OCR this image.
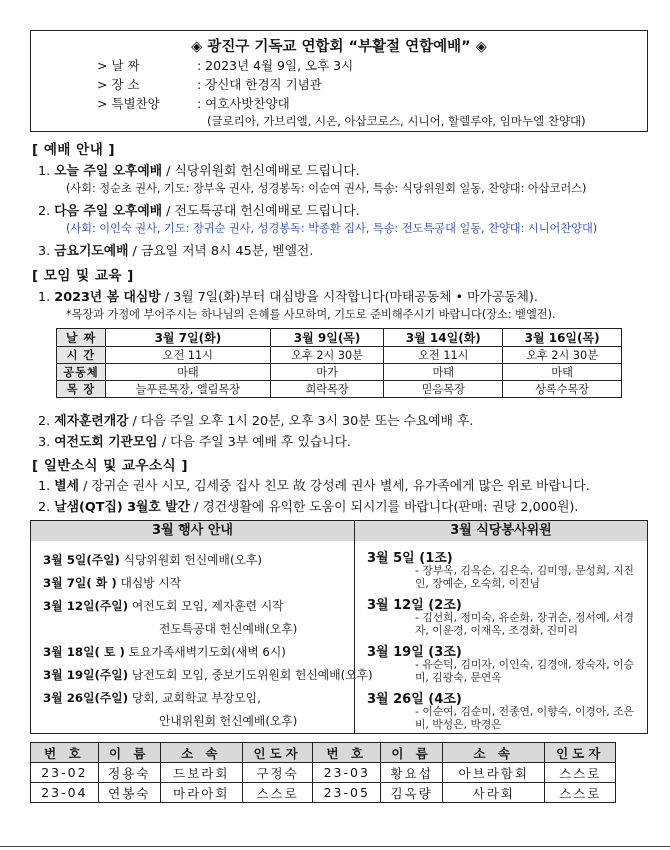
◈ 광진구 기독교 연합회 “부활절 연합예배” ◈
> 날 짜	: 2023년 4월 9일, 오후 3시
> 장 소	: 장신대 한경직 기념관
> 특별찬양	: 여호사밧찬양대
(글로리아, 가브리엘, 시온, 아삽코로스, 시니어, 할렐루야, 임마누엘 찬양대)
[ 예배 안내 ]
1. 오늘 주일 오후예배 / 식당위원회 헌신예배로 드립니다.
(사회: 정순초 권사, 기도: 장부옥 권사, 성경봉독: 이순여 권사, 특송: 식당위원회 일동, 찬양대: 아삽코러스)
2. 다음 주일 오후예배 / 전도특공대 헌신예배로 드립니다.
(사회: 이인숙 권사, 기도: 장귀순 권사, 성경봉독: 박종환 집사, 특송: 전도특공대 일동, 찬양대: 시니어찬양대)
3. 금요기도예배 / 금요일 저녁 8시 45분, 벧엘전.
[ 모임 및 교육 ]
1. 2023년 봄 대심방 / 3월 7일(화)부터 대심방을 시작합니다(마태공동체 • 마가공동체).
*목장과 가정에 부어주시는 하나님의 은혜를 사모하며, 기도로 준비해주시기 바랍니다(장소: 벧엘전).
날 짜	3월 7일(화)	3월 9일(목)	3월 14일(화)	3월 16일(목)
시 간	오전 11시	오후 2시 30분	오전 11시	오후 2시 30분
공동체	마태	마가	마태	마태
목 장	늘푸른목장, 엘림목장	희락목장	믿음목장	상록수목장
2. 제자훈련개강 / 다음 주일 오후 1시 20분, 오후 3시 30분 또는 수요예배 후.
3. 여전도회 기관모임 / 다음 주일 3부 예배 후 있습니다.
[ 일반소식 및 교우소식 ]
1. 별세 / 장귀순 권사 시모, 김세중 집사 친모 故 강성례 권사 별세, 유가족에게 많은 위로 바랍니다.
2. 날샘(QT집) 3월호 발간 / 경건생활에 유익한 도움이 되시기를 바랍니다(판매: 권당 2,000원).
3월 행사 안내	3월 식당봉사위원
3월 5일(주일) 식당위원회 헌신예배(오후)
3월 7일( 화 ) 대심방 시작
3월 12일(주일) 여전도회 모임, 제자훈련 시작
전도특공대 헌신예배(오후)
3월 18일( 토 ) 토요가족새벽기도회(새벽 6시)
3월 19일(주일) 남전도회 모임, 중보기도위원회 헌신예배(오후)
3월 26일(주일) 당회, 교회학교 부장모임,
안내위원회 헌신예배(오후)
3월 5일 (1조)
- 장부옥, 김옥순, 김은숙, 김미영, 문성희, 지진인, 장예순, 오숙희, 이진님
3월 12일 (2조)
- 김선희, 정미숙, 유순화, 장귀순, 정서예, 서경자, 이운경, 이재옥, 조경화, 진미리
3월 19일 (3조)
- 유순덕, 김미자, 이인숙, 김경애, 장숙자, 이승미, 김광숙, 문연옥
3월 26일 (4조)
- 이순여, 김순미, 전종연, 이향숙, 이경아, 조은비, 박성은, 박경은
번 호	이 름	소 속	인도자	번 호	이 름	소 속	인도자
23-02	정용숙	드보라회	구정숙	23-03	황요섭	아브라함회	스스로
23-04	연봉숙	마라아회	스스로	23-05	김옥량	사라회	스스로
